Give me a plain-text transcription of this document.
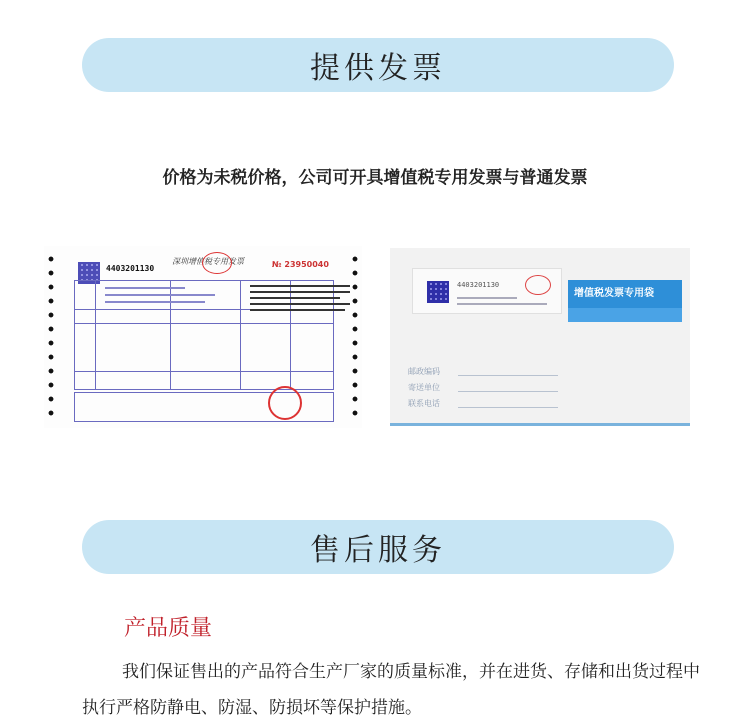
提供发票
价格为未税价格，公司可开具增值税专用发票与普通发票
4403201130
深圳增值税专用发票	№ 23950040
4403201130
增值税发票专用袋
邮政编码
寄送单位
联系电话
售后服务
产品质量
我们保证售出的产品符合生产厂家的质量标准，并在进货、存储和出货过程中执行严格防静电、防湿、防损坏等保护措施。
